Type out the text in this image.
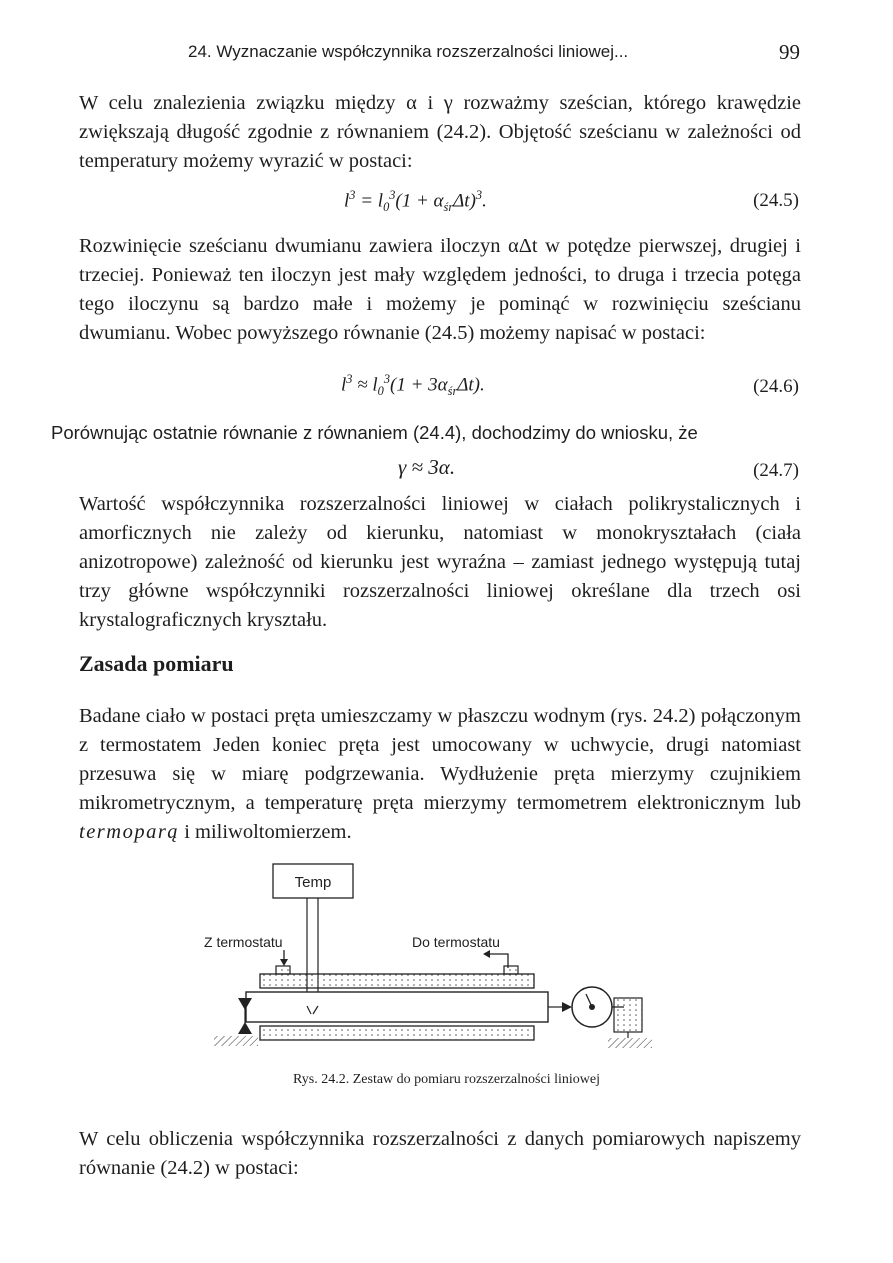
24. Wyznaczanie współczynnika rozszerzalności liniowej...	99

W celu znalezienia związku między α i γ rozważmy sześcian, którego krawędzie zwiększają długość zgodnie z równaniem (24.2). Objętość sześcianu w zależności od temperatury możemy wyrazić w postaci:

$l^3 = l_0^3(1 + \alpha_{śr}\Delta t)^3$.	(24.5)

Rozwinięcie sześcianu dwumianu zawiera iloczyn αΔt w potędze pierwszej, drugiej i trzeciej. Ponieważ ten iloczyn jest mały względem jedności, to druga i trzecia potęga tego iloczynu są bardzo małe i możemy je pominąć w rozwinięciu sześcianu dwumianu. Wobec powyższego równanie (24.5) możemy napisać w postaci:

$l^3 \approx l_0^3(1 + 3\alpha_{śr}\Delta t)$.	(24.6)

Porównując ostatnie równanie z równaniem (24.4), dochodzimy do wniosku, że

γ ≈ 3α.	(24.7)

Wartość współczynnika rozszerzalności liniowej w ciałach polikrystalicznych i amorficznych nie zależy od kierunku, natomiast w monokryształach (ciała anizotropowe) zależność od kierunku jest wyraźna – zamiast jednego występują tutaj trzy główne współczynniki rozszerzalności liniowej określane dla trzech osi krystalograficznych kryształu.

Zasada pomiaru

Badane ciało w postaci pręta umieszczamy w płaszczu wodnym (rys. 24.2) połączonym z termostatem Jeden koniec pręta jest umocowany w uchwycie, drugi natomiast przesuwa się w miarę podgrzewania. Wydłużenie pręta mierzymy czujnikiem mikrometrycznym, a temperaturę pręta mierzymy termometrem elektronicznym lub termoparą i miliwoltomierzem.

Temp
Z termostatu	Do termostatu
Rys. 24.2. Zestaw do pomiaru rozszerzalności liniowej

W celu obliczenia współczynnika rozszerzalności z danych pomiarowych napiszemy równanie (24.2) w postaci:
